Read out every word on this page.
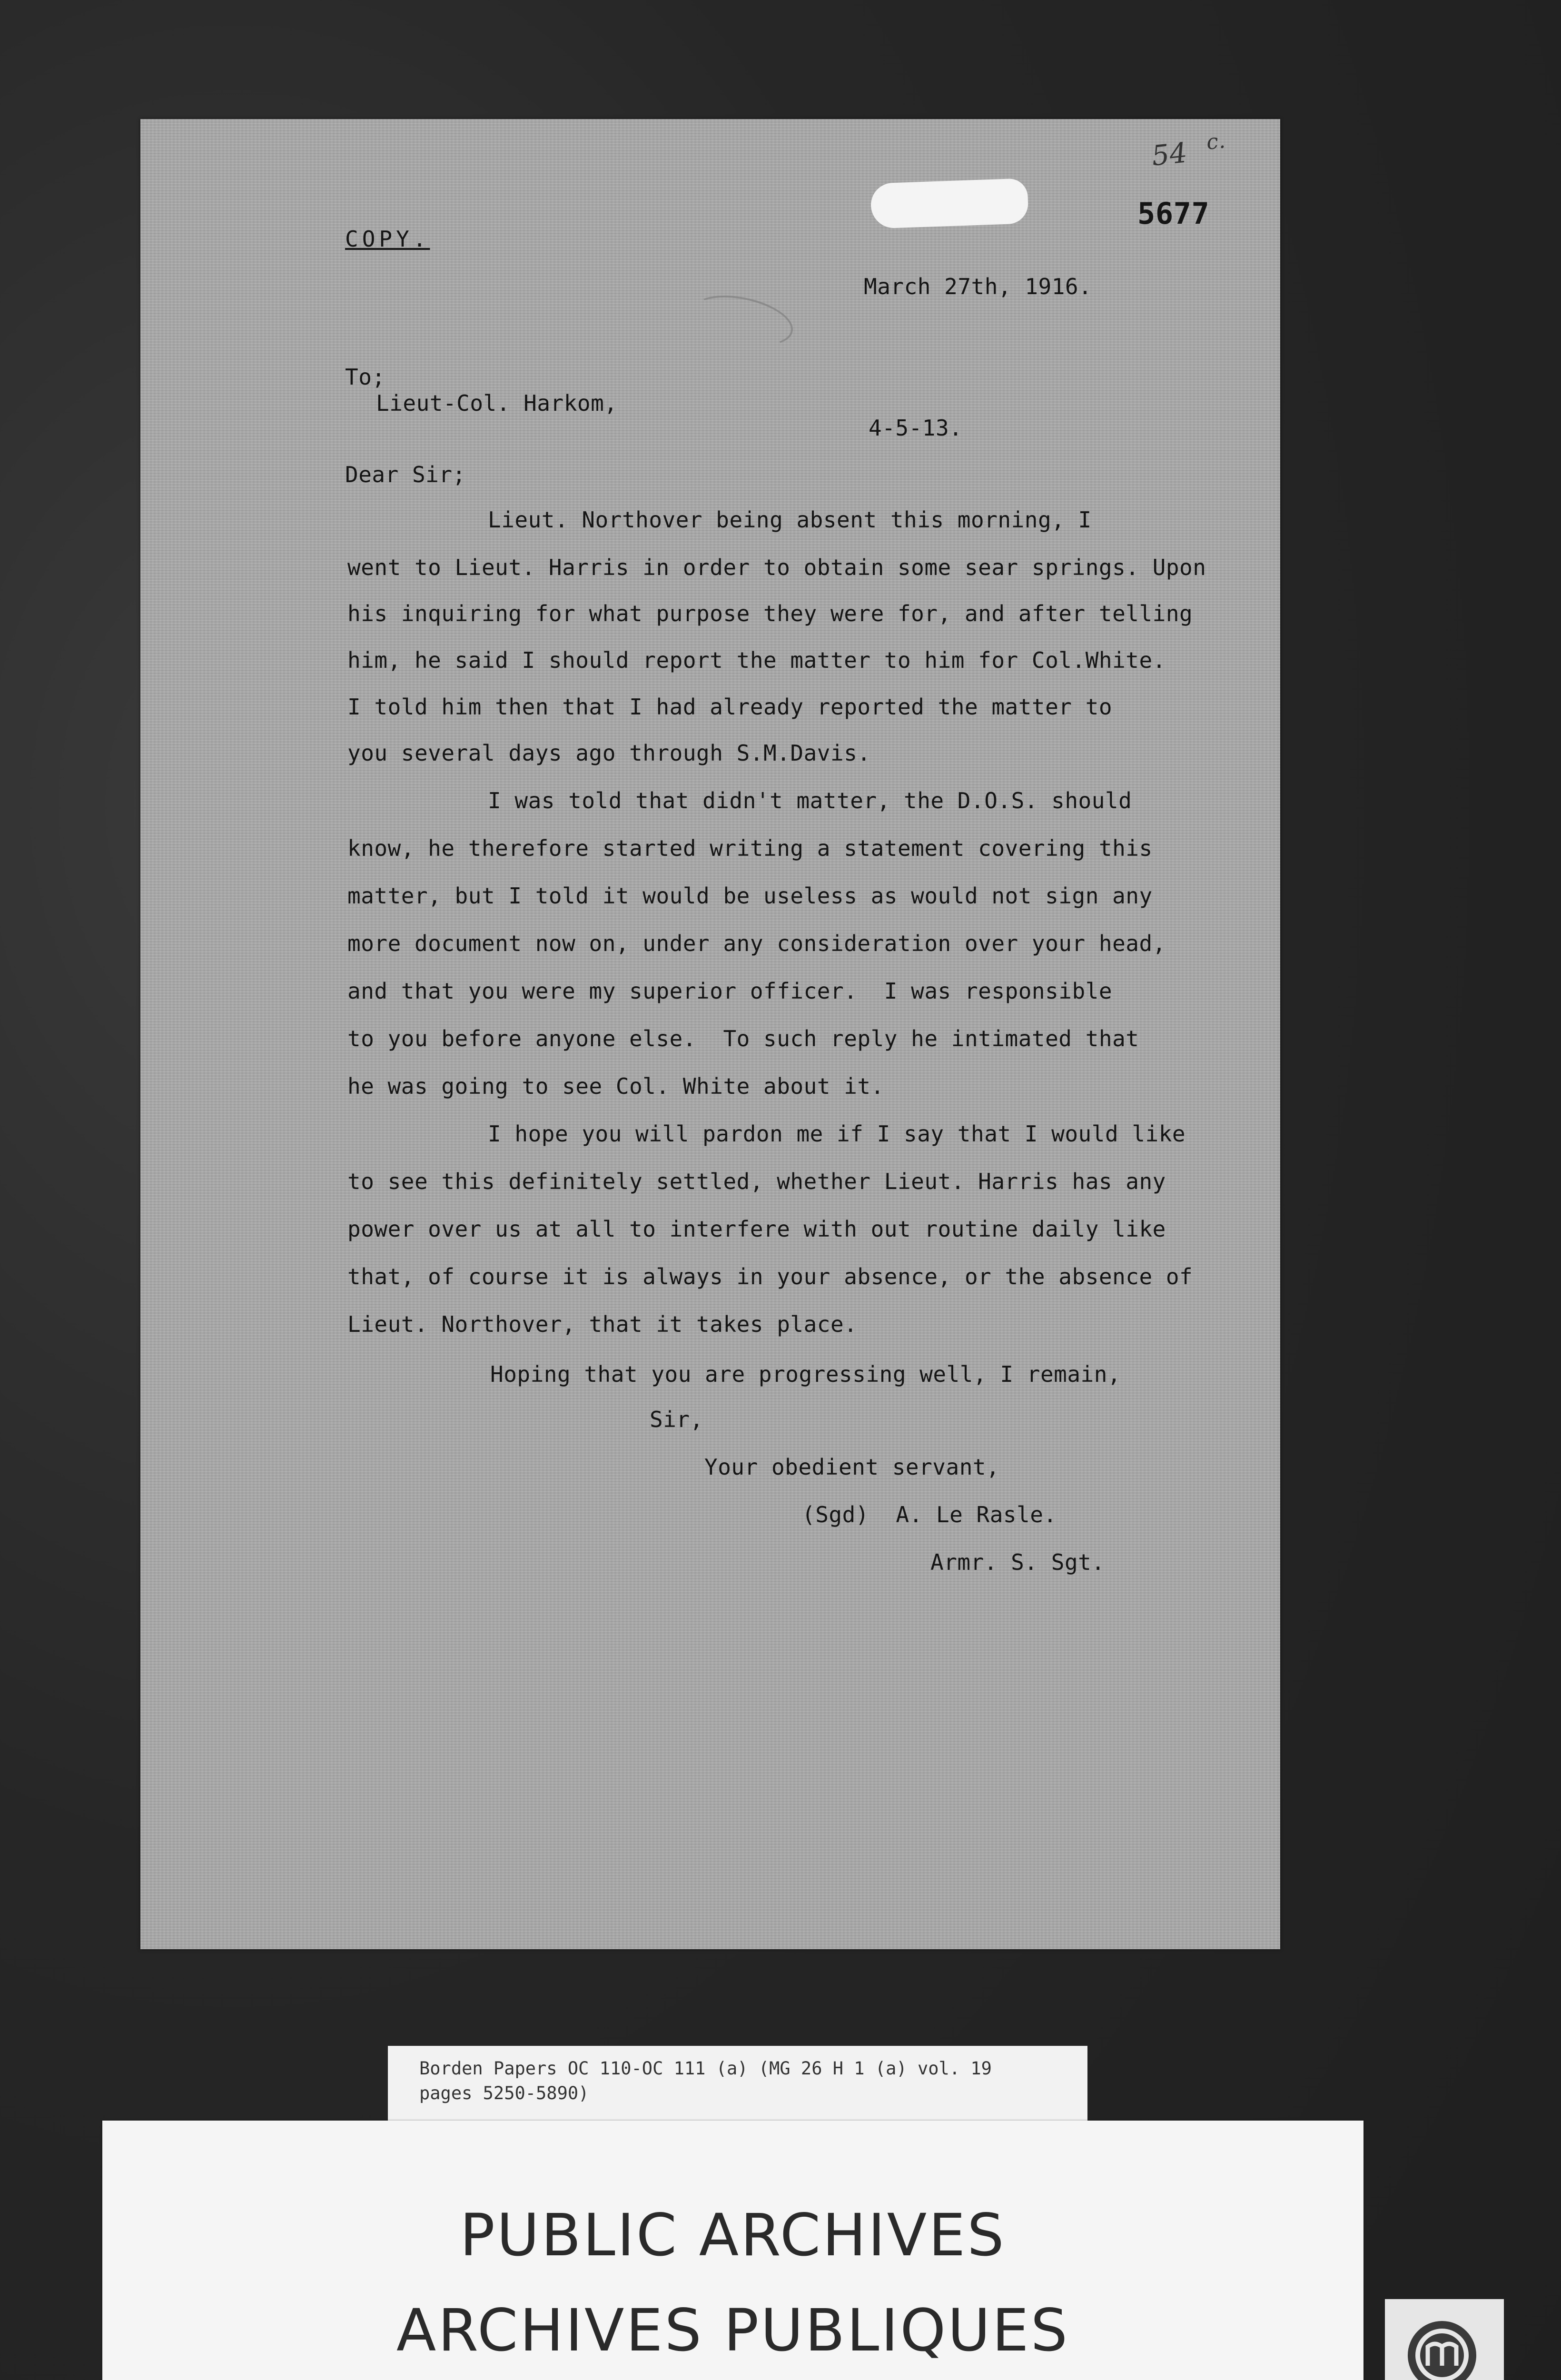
54 c.
COPY.
5677
March 27th, 1916.
To;
Lieut-Col. Harkom,
4-5-13.
Dear Sir;
Lieut. Northover being absent this morning, I
went to Lieut. Harris in order to obtain some sear springs. Upon
his inquiring for what purpose they were for, and after telling
him, he said I should report the matter to him for Col.White.
I told him then that I had already reported the matter to
you several days ago through S.M.Davis.
I was told that didn't matter, the D.O.S. should
know, he therefore started writing a statement covering this
matter, but I told it would be useless as would not sign any
more document now on, under any consideration over your head,
and that you were my superior officer.  I was responsible
to you before anyone else.  To such reply he intimated that
he was going to see Col. White about it.
I hope you will pardon me if I say that I would like
to see this definitely settled, whether Lieut. Harris has any
power over us at all to interfere with out routine daily like
that, of course it is always in your absence, or the absence of
Lieut. Northover, that it takes place.
Hoping that you are progressing well, I remain,
Sir,
Your obedient servant,
(Sgd)  A. Le Rasle.
Armr. S. Sgt.
Borden Papers OC 110-OC 111 (a) (MG 26 H 1 (a) vol. 19
pages 5250-5890)
PUBLIC ARCHIVES
ARCHIVES PUBLIQUES
